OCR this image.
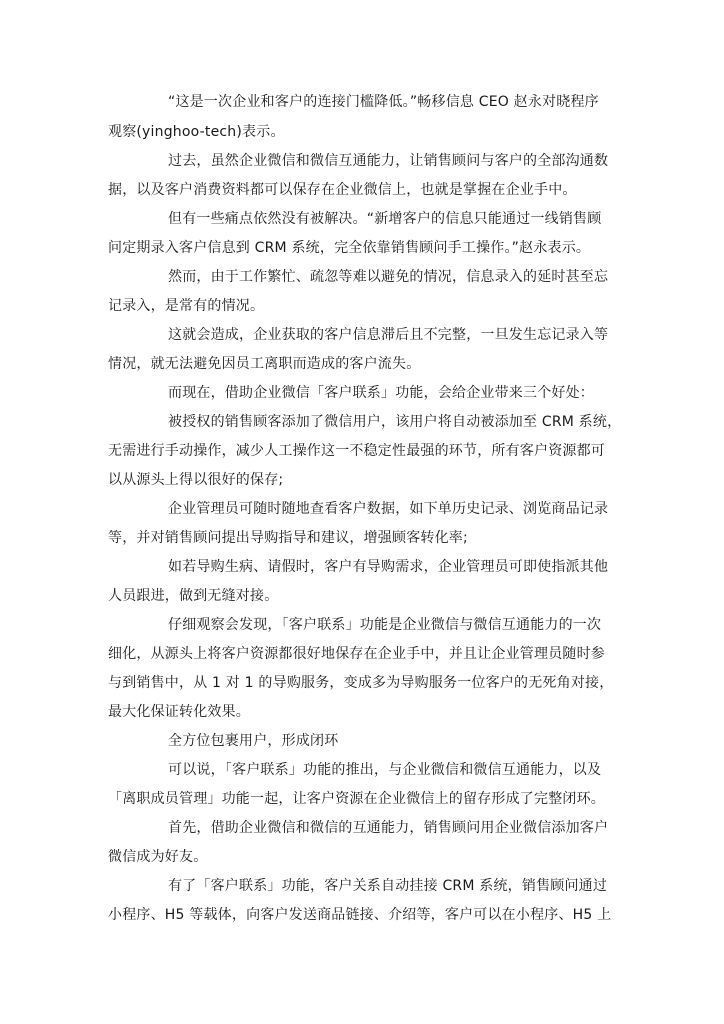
“这是一次企业和客户的连接门槛降低。”畅移信息 CEO 赵永对晓程序
观察(yinghoo-tech)表示。
过去，虽然企业微信和微信互通能力，让销售顾问与客户的全部沟通数
据，以及客户消费资料都可以保存在企业微信上，也就是掌握在企业手中。
但有一些痛点依然没有被解决。“新增客户的信息只能通过一线销售顾
问定期录入客户信息到 CRM 系统，完全依靠销售顾问手工操作。”赵永表示。
然而，由于工作繁忙、疏忽等难以避免的情况，信息录入的延时甚至忘
记录入，是常有的情况。
这就会造成，企业获取的客户信息滞后且不完整，一旦发生忘记录入等
情况，就无法避免因员工离职而造成的客户流失。
而现在，借助企业微信「客户联系」功能，会给企业带来三个好处：
被授权的销售顾客添加了微信用户，该用户将自动被添加至 CRM 系统，
无需进行手动操作，减少人工操作这一不稳定性最强的环节，所有客户资源都可
以从源头上得以很好的保存;
企业管理员可随时随地查看客户数据，如下单历史记录、浏览商品记录
等，并对销售顾问提出导购指导和建议，增强顾客转化率;
如若导购生病、请假时，客户有导购需求，企业管理员可即使指派其他
人员跟进，做到无缝对接。
仔细观察会发现，「客户联系」功能是企业微信与微信互通能力的一次
细化，从源头上将客户资源都很好地保存在企业手中，并且让企业管理员随时参
与到销售中，从 1 对 1 的导购服务，变成多为导购服务一位客户的无死角对接，
最大化保证转化效果。
全方位包裹用户，形成闭环
可以说，「客户联系」功能的推出，与企业微信和微信互通能力，以及
「离职成员管理」功能一起，让客户资源在企业微信上的留存形成了完整闭环。
首先，借助企业微信和微信的互通能力，销售顾问用企业微信添加客户
微信成为好友。
有了「客户联系」功能，客户关系自动挂接 CRM 系统，销售顾问通过
小程序、H5 等载体，向客户发送商品链接、介绍等，客户可以在小程序、H5 上
